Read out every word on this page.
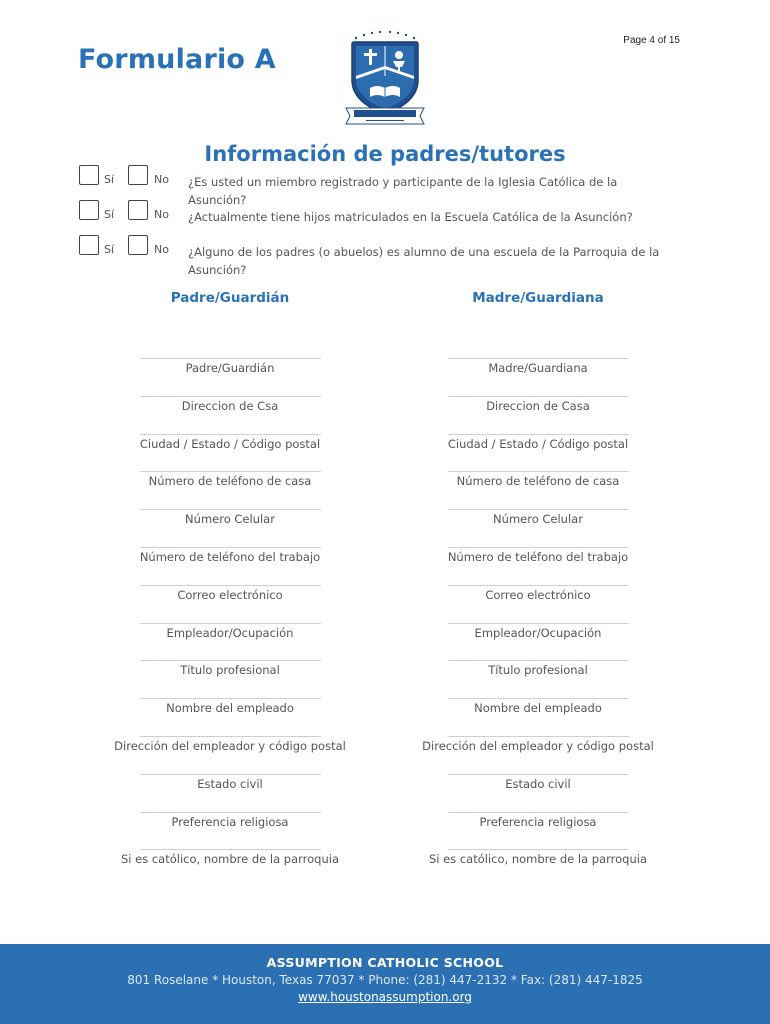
Formulario A
Page 4 of 15
Información de padres/tutores
Sí	No ¿Es usted un miembro registrado y participante de la Iglesia Católica de la Asunción?
Sí	No ¿Actualmente tiene hijos matriculados en la Escuela Católica de la Asunción?
Sí	No ¿Alguno de los padres (o abuelos) es alumno de una escuela de la Parroquia de la Asunción?
Padre/Guardián	Madre/Guardiana
______________________________________________
Padre/Guardián
______________________________________________
Direccion de Csa
______________________________________________
Ciudad / Estado / Código postal
______________________________________________
Número de teléfono de casa
______________________________________________
Número Celular
______________________________________________
Número de teléfono del trabajo
______________________________________________
Correo electrónico
______________________________________________
Empleador/Ocupación
______________________________________________
Título profesional
______________________________________________
Nombre del empleado
______________________________________________
Dirección del empleador y código postal
______________________________________________
Estado civil
______________________________________________
Preferencia religiosa
______________________________________________
Si es católico, nombre de la parroquia
______________________________________________
Madre/Guardiana
______________________________________________
Direccion de Casa
______________________________________________
Ciudad / Estado / Código postal
______________________________________________
Número de teléfono de casa
______________________________________________
Número Celular
______________________________________________
Número de teléfono del trabajo
______________________________________________
Correo electrónico
______________________________________________
Empleador/Ocupación
______________________________________________
Título profesional
______________________________________________
Nombre del empleado
______________________________________________
Dirección del empleador y código postal
______________________________________________
Estado civil
______________________________________________
Preferencia religiosa
______________________________________________
Si es católico, nombre de la parroquia
ASSUMPTION CATHOLIC SCHOOL
801 Roselane * Houston, Texas 77037 * Phone: (281) 447-2132 * Fax: (281) 447-1825
www.houstonassumption.org
